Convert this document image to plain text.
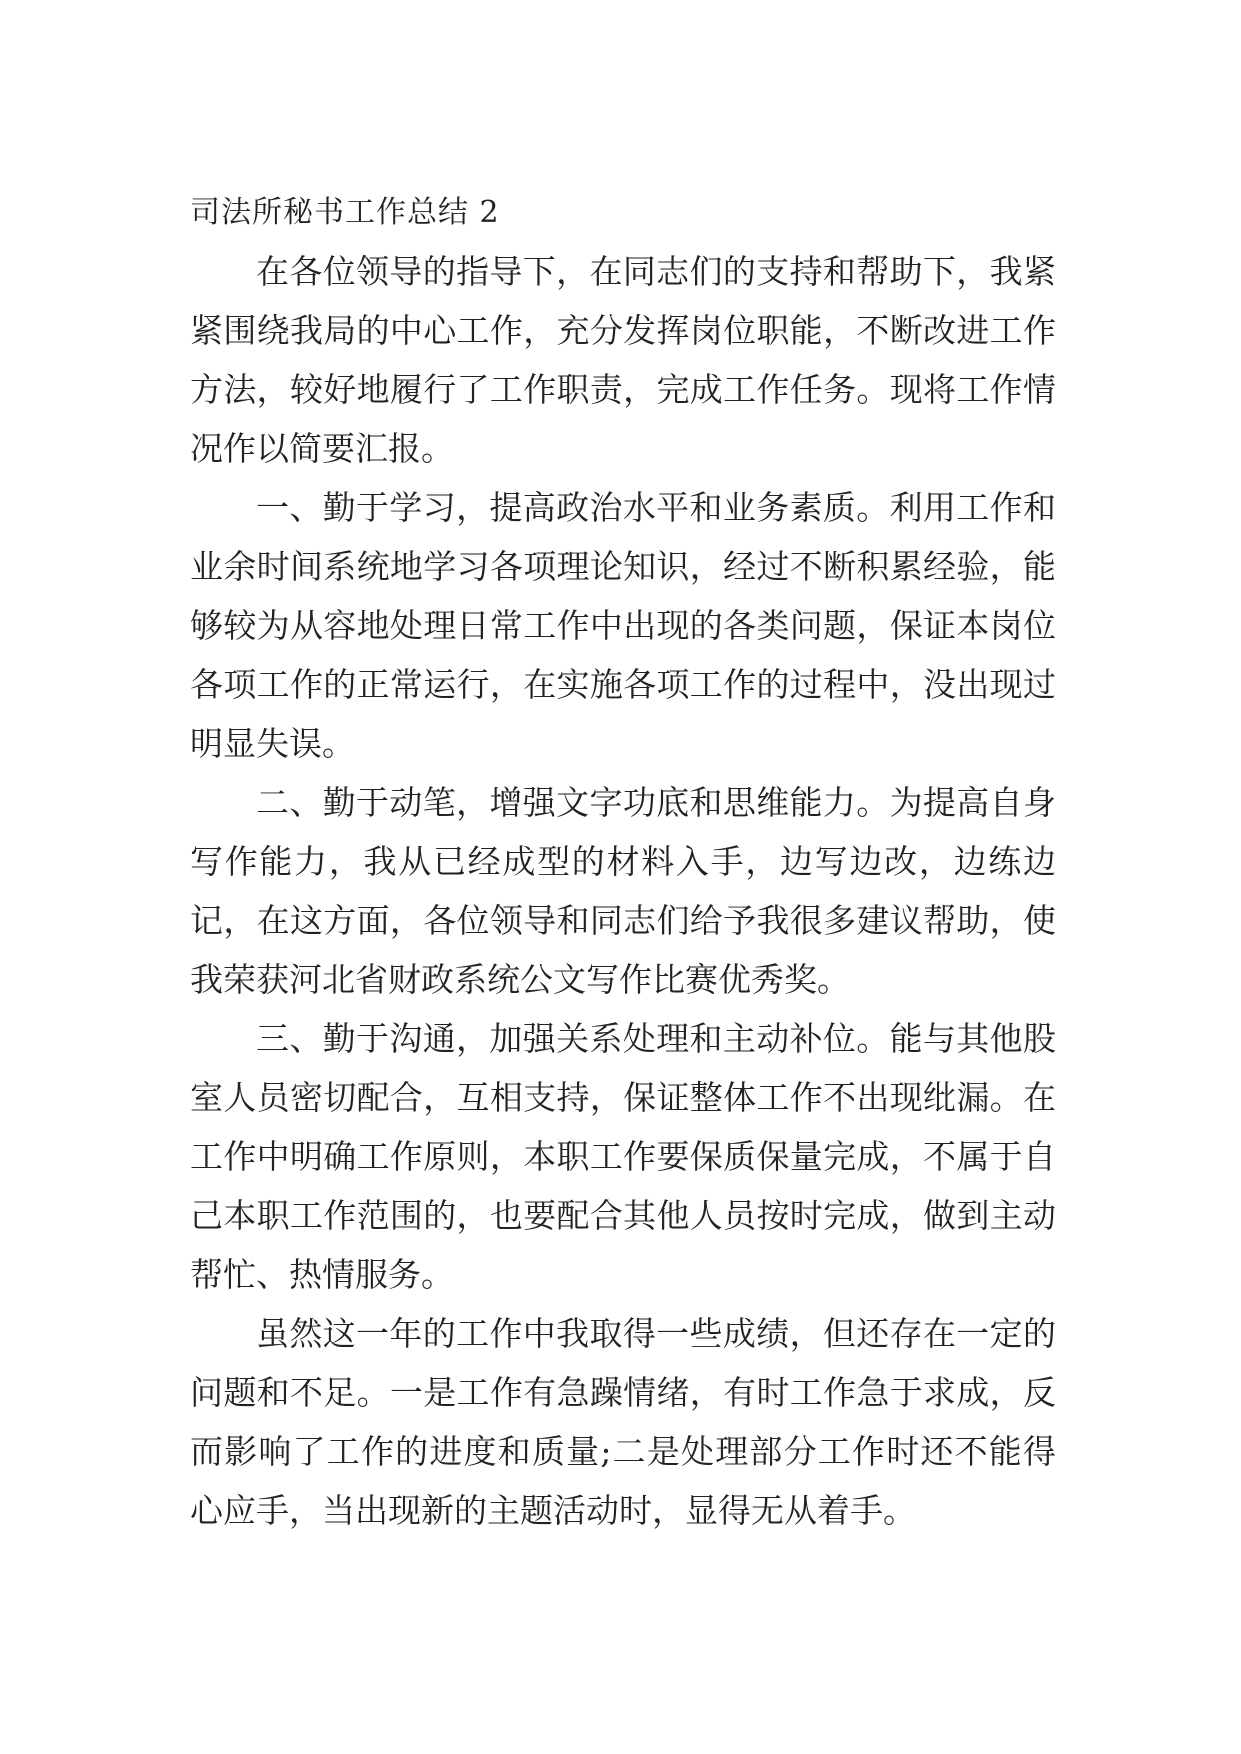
司法所秘书工作总结 2

在各位领导的指导下，在同志们的支持和帮助下，我紧紧围绕我局的中心工作，充分发挥岗位职能，不断改进工作方法，较好地履行了工作职责，完成工作任务。现将工作情况作以简要汇报。

一、勤于学习，提高政治水平和业务素质。利用工作和业余时间系统地学习各项理论知识，经过不断积累经验，能够较为从容地处理日常工作中出现的各类问题，保证本岗位各项工作的正常运行，在实施各项工作的过程中，没出现过明显失误。

二、勤于动笔，增强文字功底和思维能力。为提高自身写作能力，我从已经成型的材料入手，边写边改，边练边记，在这方面，各位领导和同志们给予我很多建议帮助，使我荣获河北省财政系统公文写作比赛优秀奖。

三、勤于沟通，加强关系处理和主动补位。能与其他股室人员密切配合，互相支持，保证整体工作不出现纰漏。在工作中明确工作原则，本职工作要保质保量完成，不属于自己本职工作范围的，也要配合其他人员按时完成，做到主动帮忙、热情服务。

虽然这一年的工作中我取得一些成绩，但还存在一定的问题和不足。一是工作有急躁情绪，有时工作急于求成，反而影响了工作的进度和质量;二是处理部分工作时还不能得心应手，当出现新的主题活动时，显得无从着手。
